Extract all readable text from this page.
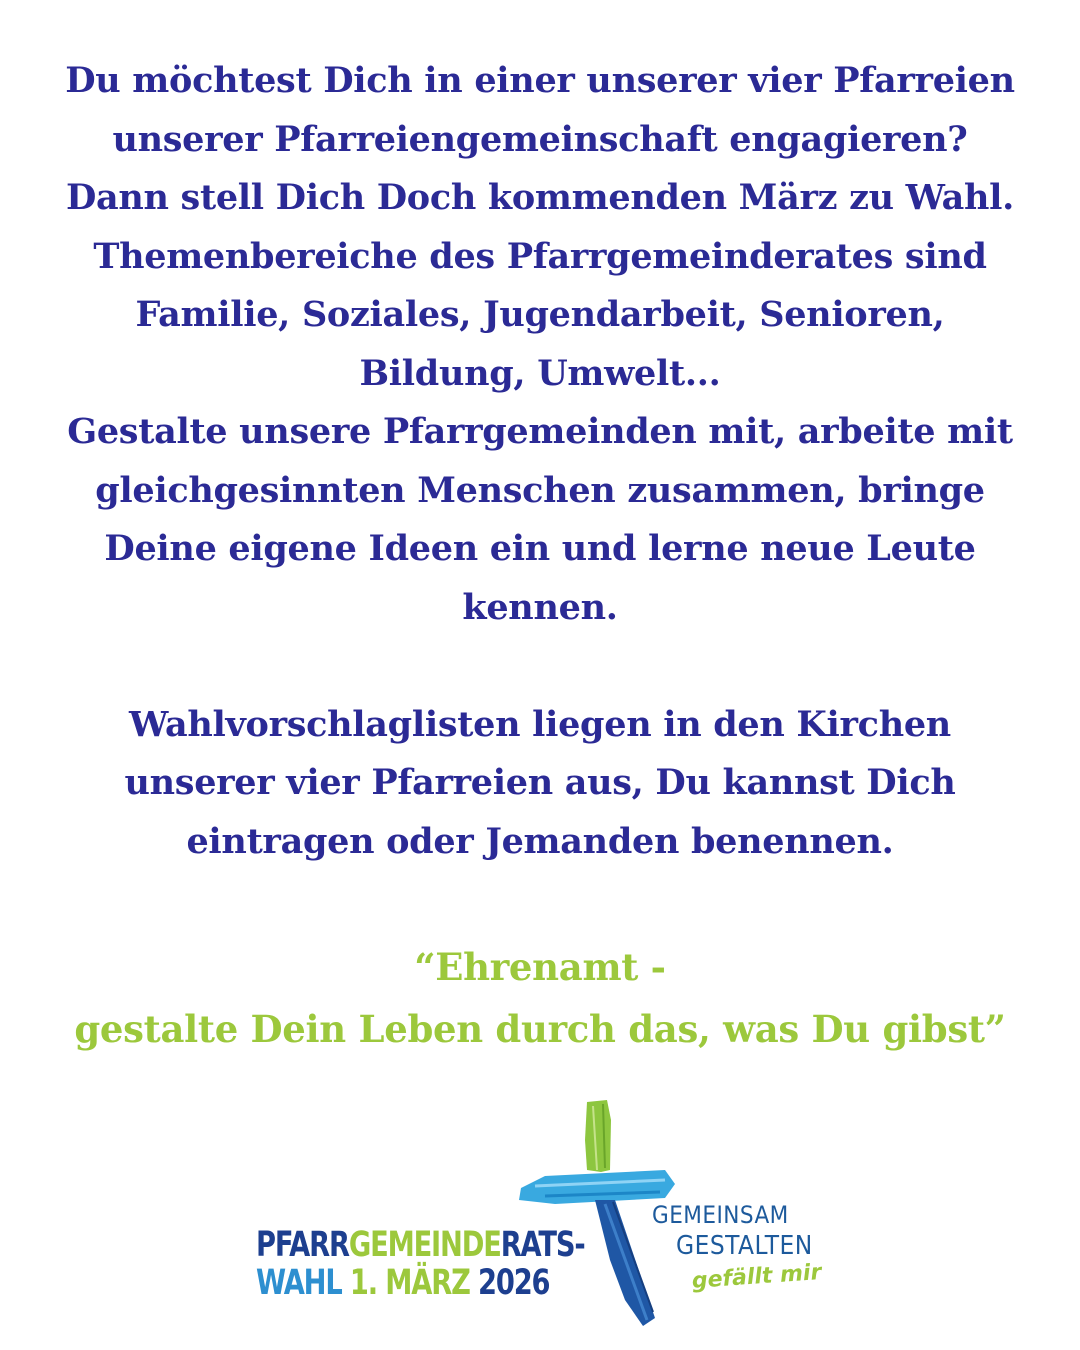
Du möchtest Dich in einer unserer vier Pfarreien
unserer Pfarreiengemeinschaft engagieren?
Dann stell Dich Doch kommenden März zu Wahl.
Themenbereiche des Pfarrgemeinderates sind
Familie, Soziales, Jugendarbeit, Senioren,
Bildung, Umwelt...
Gestalte unsere Pfarrgemeinden mit, arbeite mit
gleichgesinnten Menschen zusammen, bringe
Deine eigene Ideen ein und lerne neue Leute
kennen.
Wahlvorschlaglisten liegen in den Kirchen
unserer vier Pfarreien aus, Du kannst Dich
eintragen oder Jemanden benennen.
“Ehrenamt -
gestalte Dein Leben durch das, was Du gibst”
PFARRGEMEINDERATS-
WAHL 1. MÄRZ 2026
GEMEINSAM
GESTALTEN
gefällt mir
